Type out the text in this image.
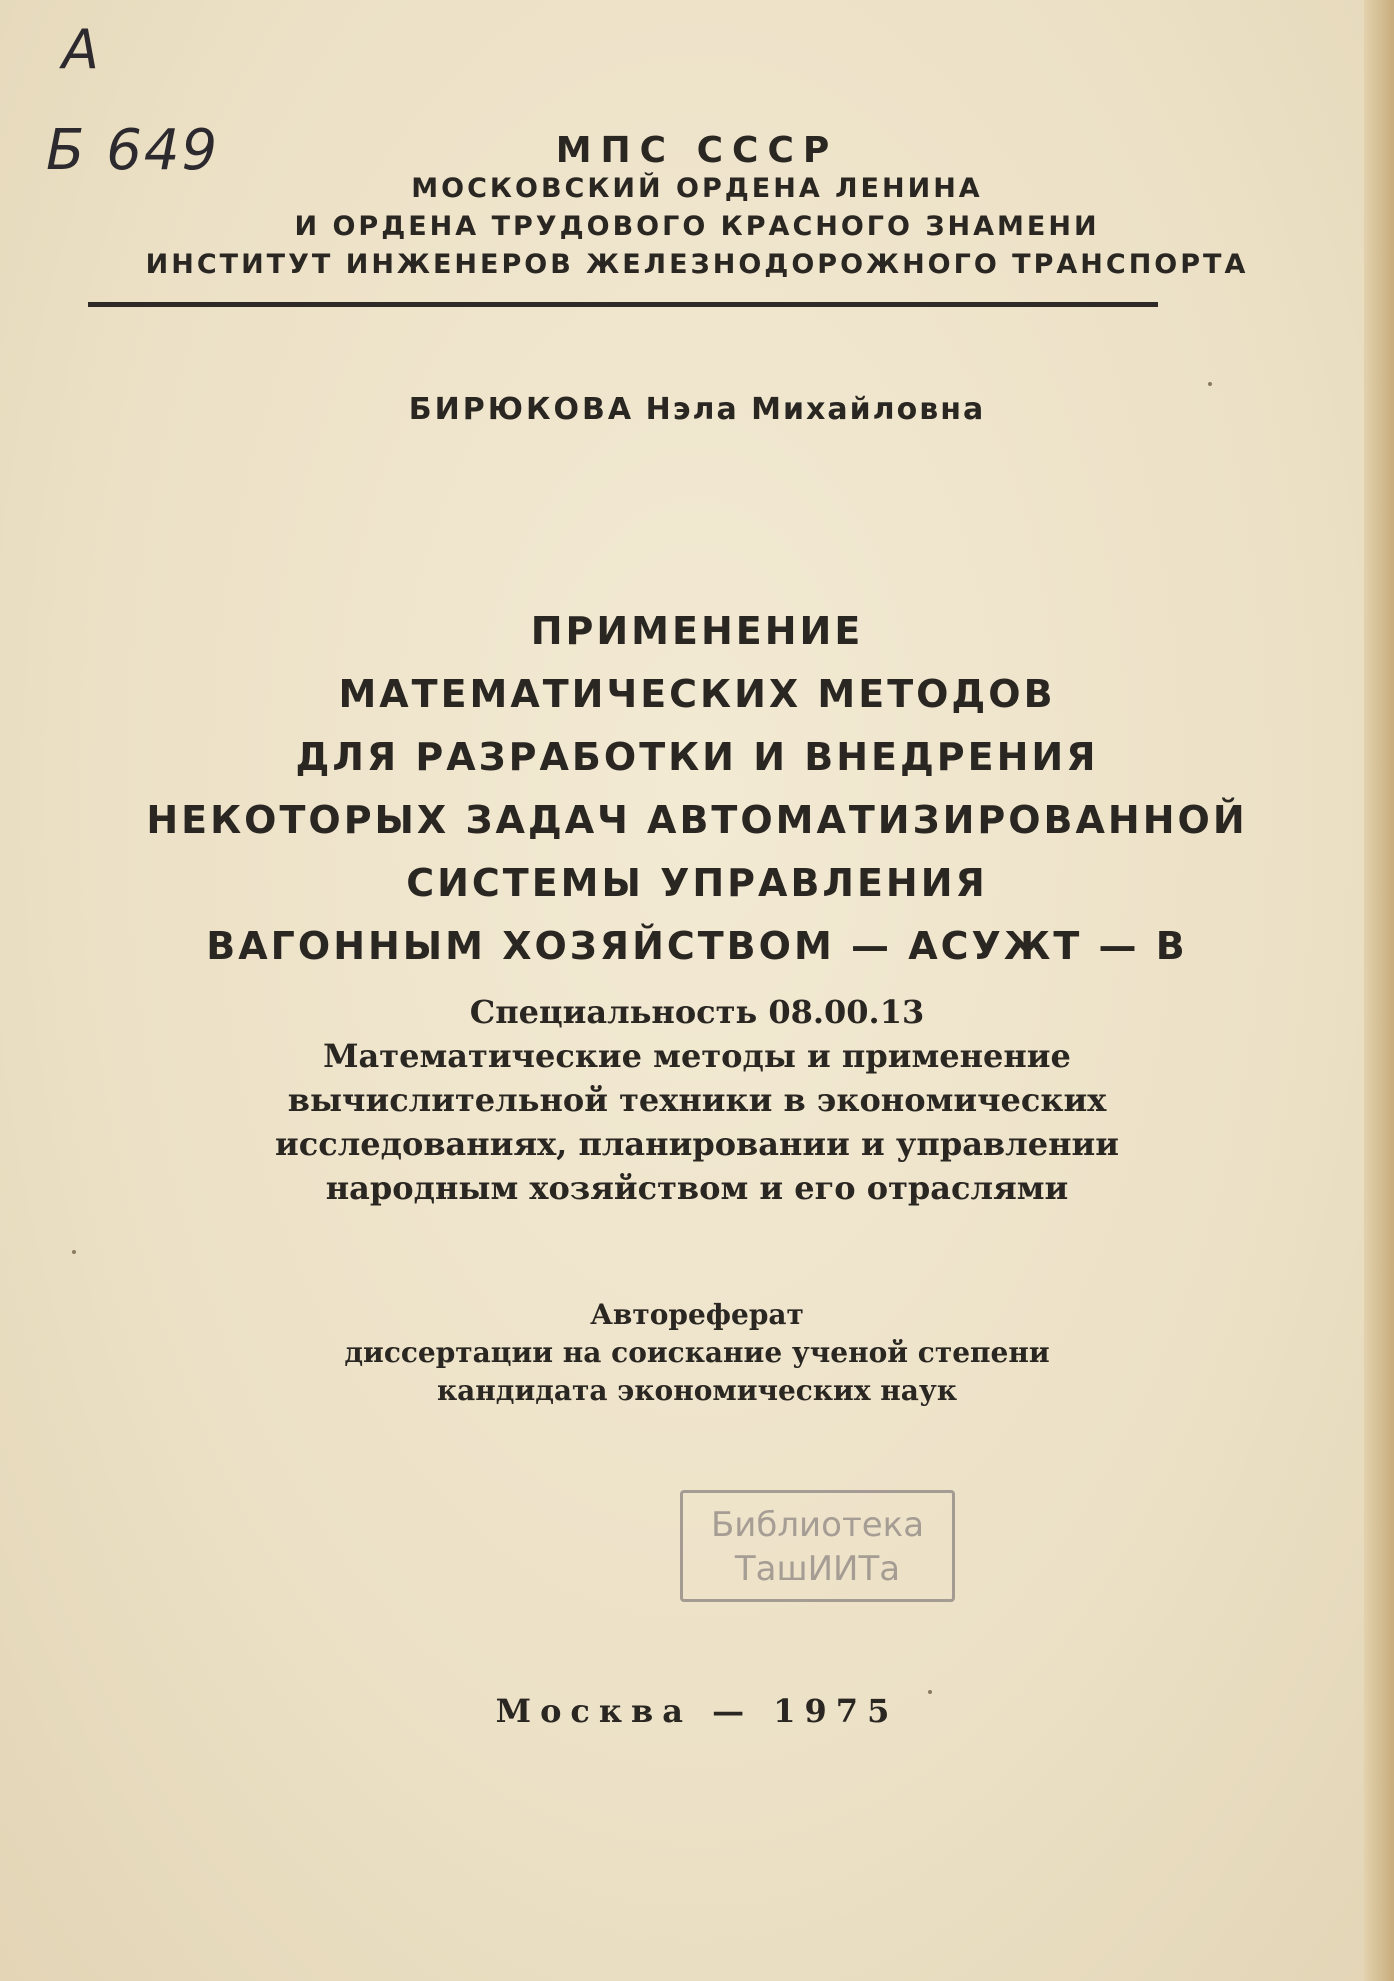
А
Б 649	МПС СССР
МОСКОВСКИЙ ОРДЕНА ЛЕНИНА
И ОРДЕНА ТРУДОВОГО КРАСНОГО ЗНАМЕНИ
ИНСТИТУТ ИНЖЕНЕРОВ ЖЕЛЕЗНОДОРОЖНОГО ТРАНСПОРТА
БИРЮКОВА Нэла Михайловна
ПРИМЕНЕНИЕ
МАТЕМАТИЧЕСКИХ МЕТОДОВ
ДЛЯ РАЗРАБОТКИ И ВНЕДРЕНИЯ
НЕКОТОРЫХ ЗАДАЧ АВТОМАТИЗИРОВАННОЙ
СИСТЕМЫ УПРАВЛЕНИЯ
ВАГОННЫМ ХОЗЯЙСТВОМ — АСУЖТ — В
Специальность 08.00.13
Математические методы и применение
вычислительной техники в экономических
исследованиях, планировании и управлении
народным хозяйством и его отраслями
Автореферат
диссертации на соискание ученой степени
кандидата экономических наук
Библиотека
ТашИИТа
Москва — 1975
